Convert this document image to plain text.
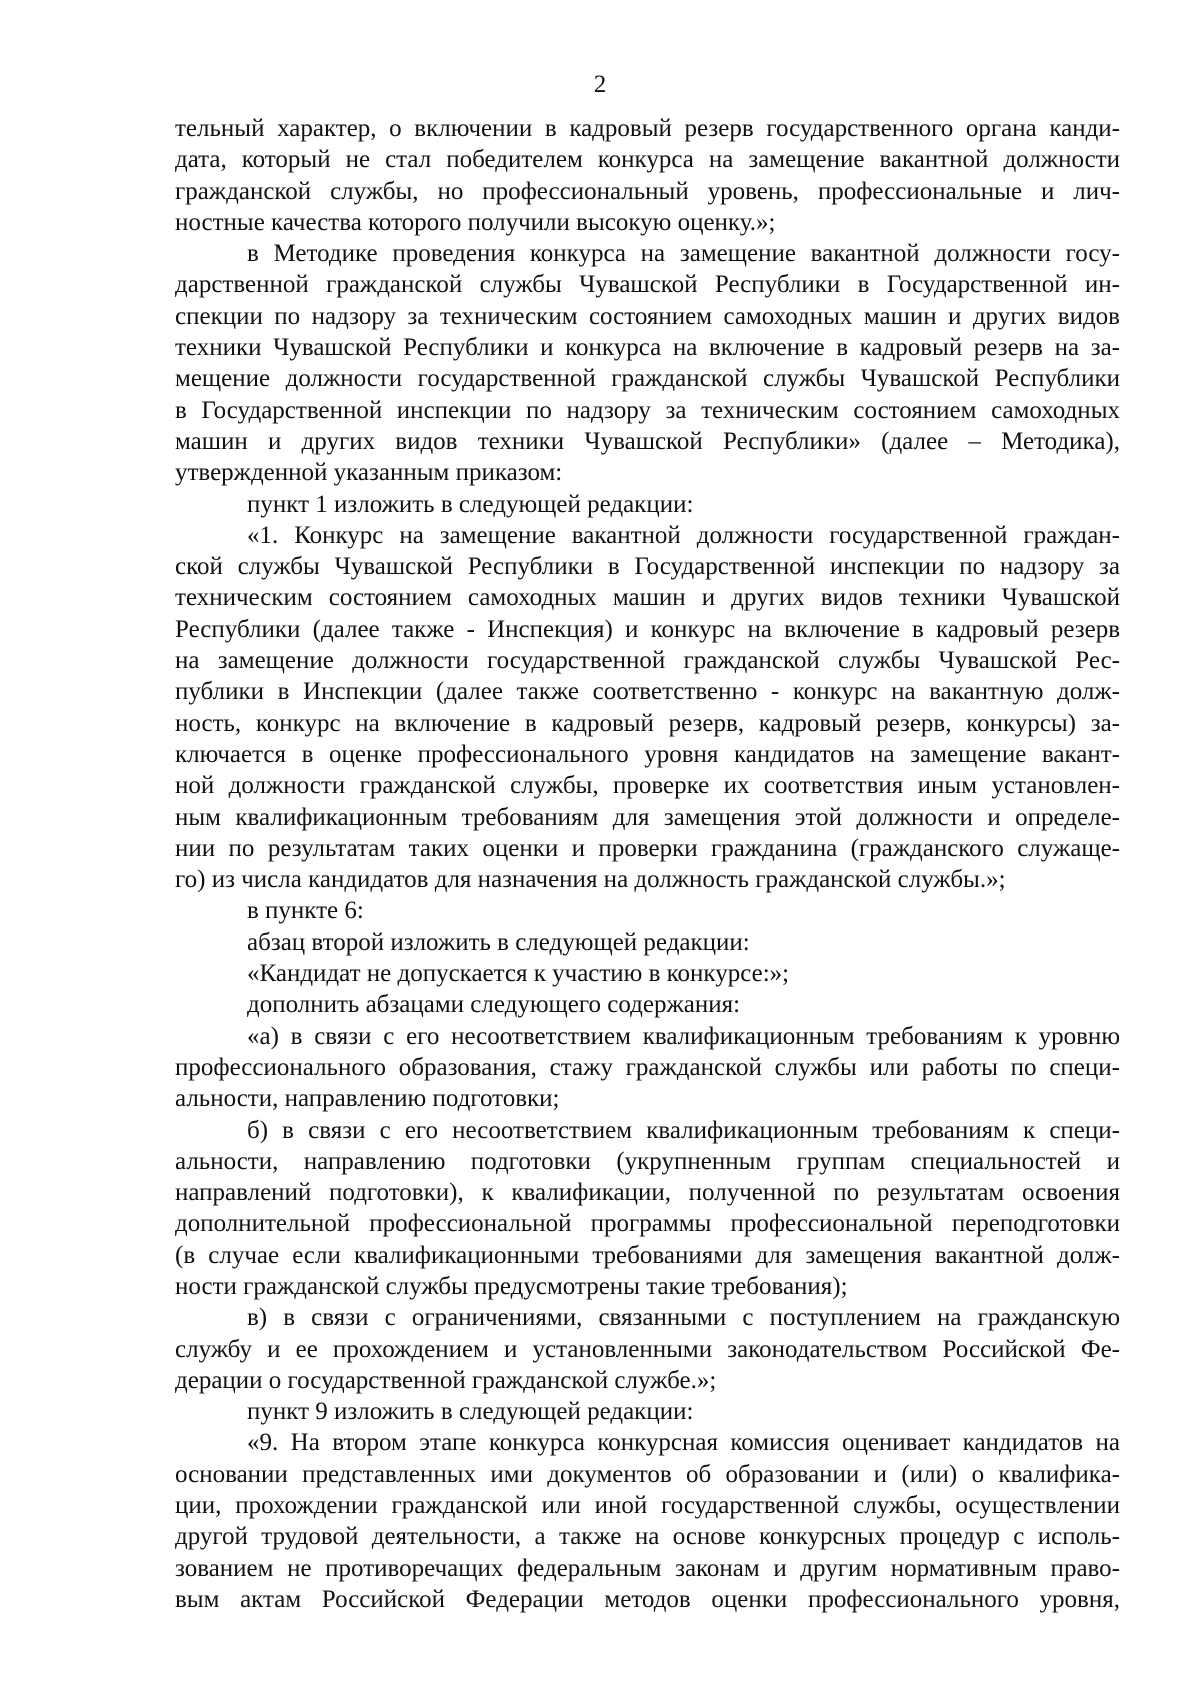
2
тельный характер, о включении в кадровый резерв государственного органа канди-
дата, который не стал победителем конкурса на замещение вакантной должности
гражданской службы, но профессиональный уровень, профессиональные и лич-
ностные качества которого получили высокую оценку.»;
в Методике проведения конкурса на замещение вакантной должности госу-
дарственной гражданской службы Чувашской Республики в Государственной ин-
спекции по надзору за техническим состоянием самоходных машин и других видов
техники Чувашской Республики и конкурса на включение в кадровый резерв на за-
мещение должности государственной гражданской службы Чувашской Республики
в Государственной инспекции по надзору за техническим состоянием самоходных
машин и других видов техники Чувашской Республики» (далее – Методика),
утвержденной указанным приказом:
пункт 1 изложить в следующей редакции:
«1. Конкурс на замещение вакантной должности государственной граждан-
ской службы Чувашской Республики в Государственной инспекции по надзору за
техническим состоянием самоходных машин и других видов техники Чувашской
Республики (далее также - Инспекция) и конкурс на включение в кадровый резерв
на замещение должности государственной гражданской службы Чувашской Рес-
публики в Инспекции (далее также соответственно - конкурс на вакантную долж-
ность, конкурс на включение в кадровый резерв, кадровый резерв, конкурсы) за-
ключается в оценке профессионального уровня кандидатов на замещение вакант-
ной должности гражданской службы, проверке их соответствия иным установлен-
ным квалификационным требованиям для замещения этой должности и определе-
нии по результатам таких оценки и проверки гражданина (гражданского служаще-
го) из числа кандидатов для назначения на должность гражданской службы.»;
в пункте 6:
абзац второй изложить в следующей редакции:
«Кандидат не допускается к участию в конкурсе:»;
дополнить абзацами следующего содержания:
«а) в связи с его несоответствием квалификационным требованиям к уровню
профессионального образования, стажу гражданской службы или работы по специ-
альности, направлению подготовки;
б) в связи с его несоответствием квалификационным требованиям к специ-
альности, направлению подготовки (укрупненным группам специальностей и
направлений подготовки), к квалификации, полученной по результатам освоения
дополнительной профессиональной программы профессиональной переподготовки
(в случае если квалификационными требованиями для замещения вакантной долж-
ности гражданской службы предусмотрены такие требования);
в) в связи с ограничениями, связанными с поступлением на гражданскую
службу и ее прохождением и установленными законодательством Российской Фе-
дерации о государственной гражданской службе.»;
пункт 9 изложить в следующей редакции:
«9. На втором этапе конкурса конкурсная комиссия оценивает кандидатов на
основании представленных ими документов об образовании и (или) о квалифика-
ции, прохождении гражданской или иной государственной службы, осуществлении
другой трудовой деятельности, а также на основе конкурсных процедур с исполь-
зованием не противоречащих федеральным законам и другим нормативным право-
вым актам Российской Федерации методов оценки профессионального уровня,
